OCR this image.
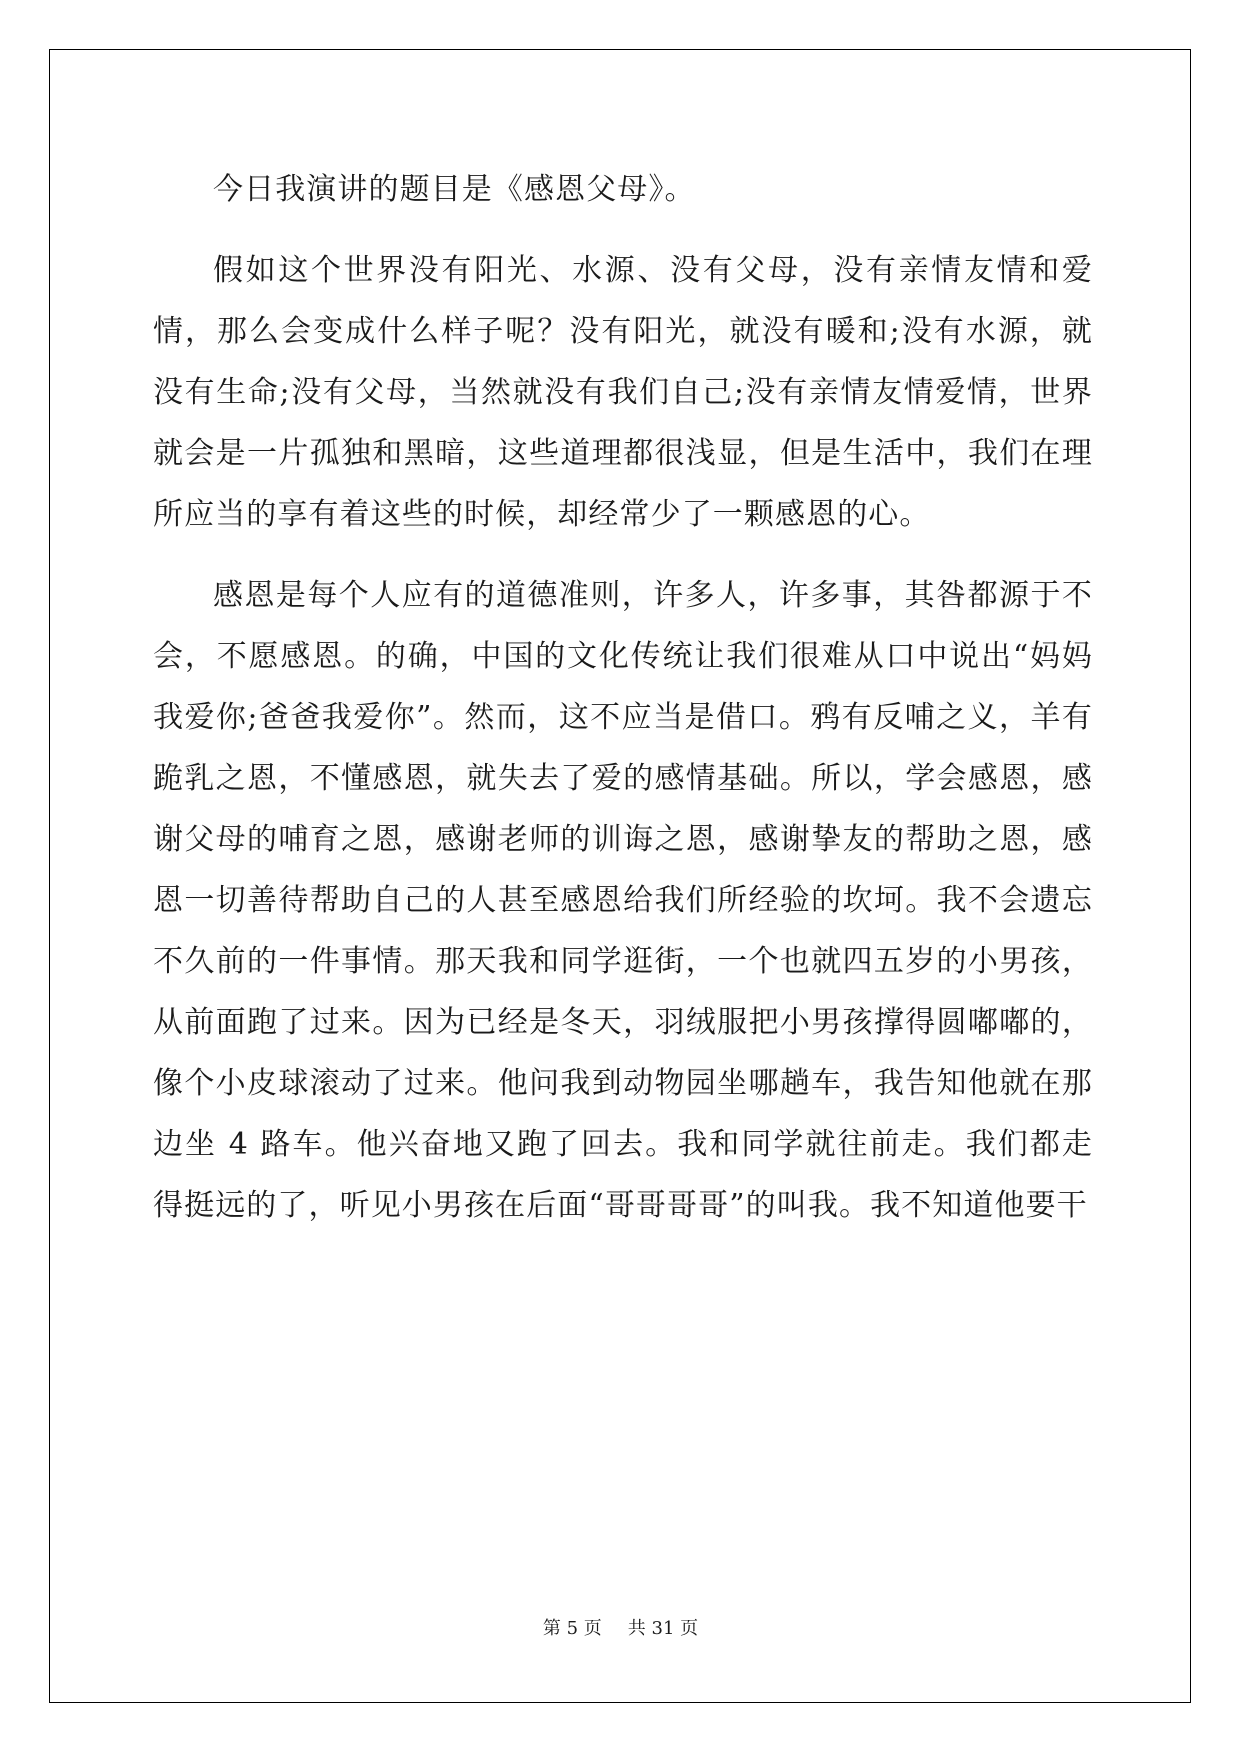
今日我演讲的题目是《感恩父母》。

假如这个世界没有阳光、水源、没有父母，没有亲情友情和爱情，那么会变成什么样子呢？没有阳光，就没有暖和;没有水源，就没有生命;没有父母，当然就没有我们自己;没有亲情友情爱情，世界就会是一片孤独和黑暗，这些道理都很浅显，但是生活中，我们在理所应当的享有着这些的时候，却经常少了一颗感恩的心。

感恩是每个人应有的道德准则，许多人，许多事，其咎都源于不会，不愿感恩。的确，中国的文化传统让我们很难从口中说出“妈妈我爱你;爸爸我爱你”。然而，这不应当是借口。鸦有反哺之义，羊有跪乳之恩，不懂感恩，就失去了爱的感情基础。所以，学会感恩，感谢父母的哺育之恩，感谢老师的训诲之恩，感谢挚友的帮助之恩，感恩一切善待帮助自己的人甚至感恩给我们所经验的坎坷。我不会遗忘不久前的一件事情。那天我和同学逛街，一个也就四五岁的小男孩，从前面跑了过来。因为已经是冬天，羽绒服把小男孩撑得圆嘟嘟的，像个小皮球滚动了过来。他问我到动物园坐哪趟车，我告知他就在那边坐 4 路车。他兴奋地又跑了回去。我和同学就往前走。我们都走得挺远的了，听见小男孩在后面“哥哥哥哥”的叫我。我不知道他要干

第 5 页 共 31 页
